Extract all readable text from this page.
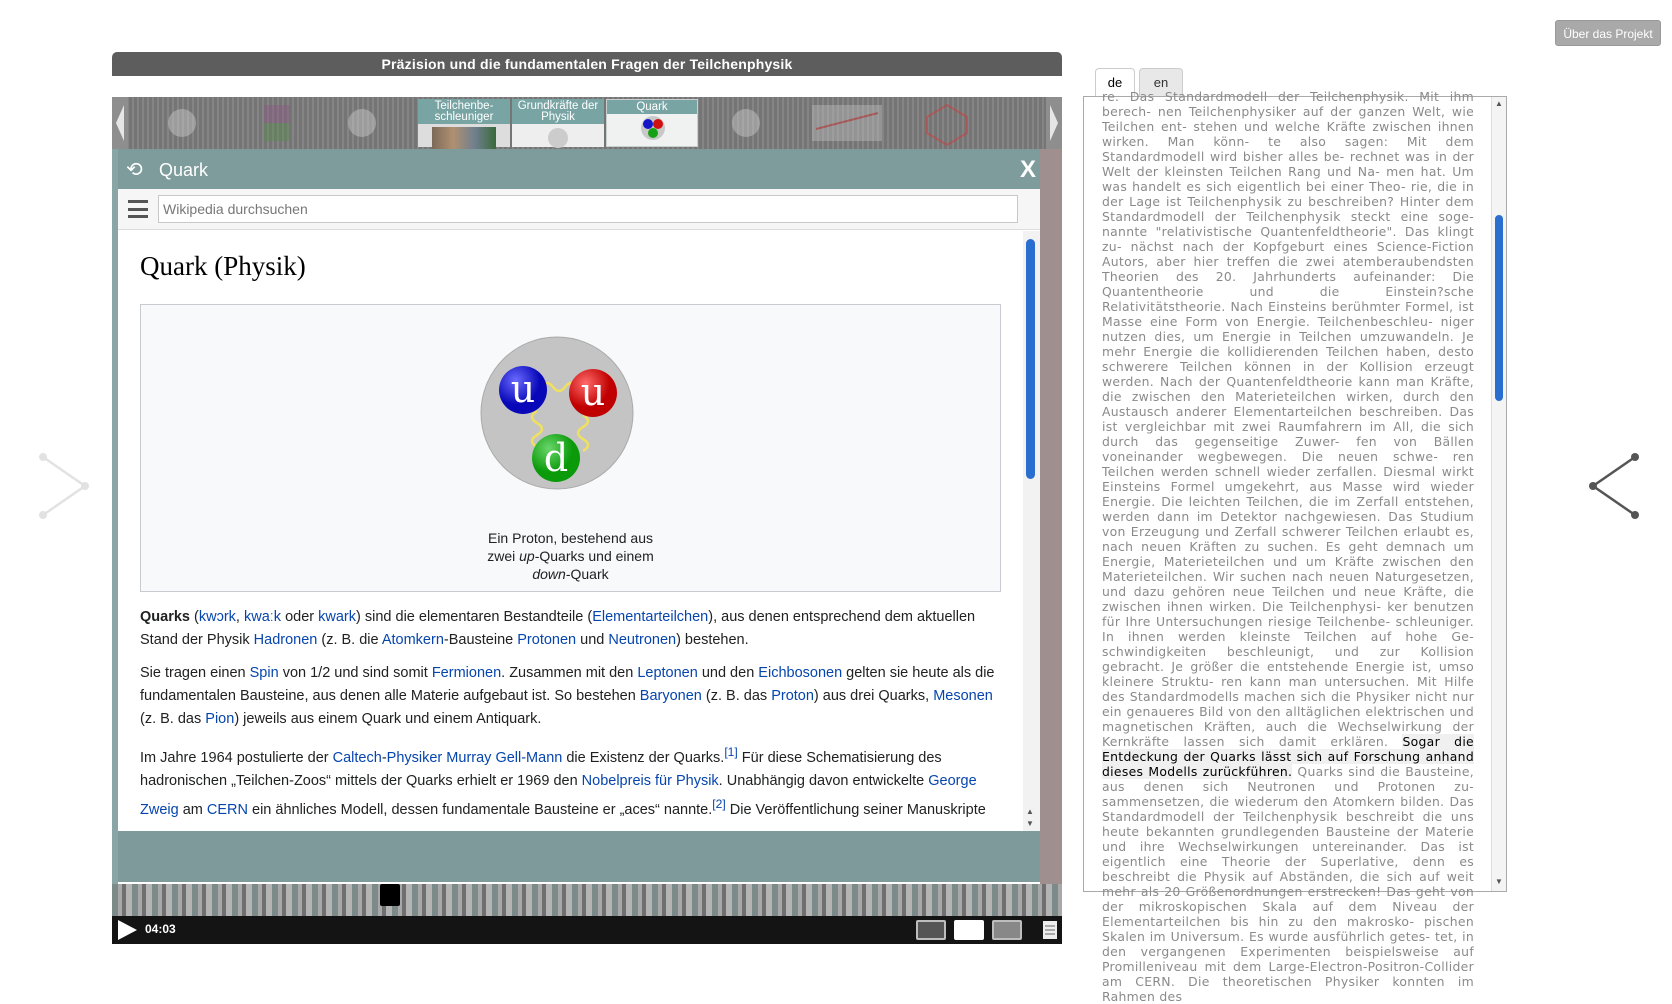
Über das Projekt
Präzision und die fundamentalen Fragen der Teilchenphysik
Teilchenbe-schleuniger
Grundkräfte der Physik
Quark
⟲ Quark	X
Wikipedia durchsuchen
Quark (Physik)
u u
d
Ein Proton, bestehend aus
zwei up-Quarks und einem
down-Quark

Quarks (kwɔrk, kwaːk oder kwark) sind die elementaren Bestandteile (Elementarteilchen), aus denen entsprechend dem aktuellen Stand der Physik Hadronen (z. B. die Atomkern-Bausteine Protonen und Neutronen) bestehen.

Sie tragen einen Spin von 1/2 und sind somit Fermionen. Zusammen mit den Leptonen und den Eichbosonen gelten sie heute als die fundamentalen Bausteine, aus denen alle Materie aufgebaut ist. So bestehen Baryonen (z. B. das Proton) aus drei Quarks, Mesonen (z. B. das Pion) jeweils aus einem Quark und einem Antiquark.

Im Jahre 1964 postulierte der Caltech-Physiker Murray Gell-Mann die Existenz der Quarks.[1] Für diese Schematisierung des hadronischen „Teilchen-Zoos“ mittels der Quarks erhielt er 1969 den Nobelpreis für Physik. Unabhängig davon entwickelte George Zweig am CERN ein ähnliches Modell, dessen fundamentale Bausteine er „aces“ nannte.[2] Die Veröffentlichung seiner Manuskripte	▲
▼
04:03
de	en
re. Das Standardmodell der Teilchenphysik. Mit ihm berech- nen Teilchenphysiker auf der ganzen Welt, wie Teilchen ent- stehen und welche Kräfte zwischen ihnen wirken. Man könn- te also sagen: Mit dem Standardmodell wird bisher alles be- rechnet was in der Welt der kleinsten Teilchen Rang und Na- men hat. Um was handelt es sich eigentlich bei einer Theo- rie, die in der Lage ist Teilchenphysik zu beschreiben? Hinter dem Standardmodell der Teilchenphysik steckt eine soge- nannte "relativistische Quantenfeldtheorie". Das klingt zu- nächst nach der Kopfgeburt eines Science-Fiction Autors, aber hier treffen die zwei atemberaubendsten Theorien des 20. Jahrhunderts aufeinander: Die Quantentheorie und die Einstein?sche Relativitätstheorie. Nach Einsteins berühmter Formel, ist Masse eine Form von Energie. Teilchenbeschleu- niger nutzen dies, um Energie in Teilchen umzuwandeln. Je mehr Energie die kollidierenden Teilchen haben, desto schwerere Teilchen können in der Kollision erzeugt werden. Nach der Quantenfeldtheorie kann man Kräfte, die zwischen den Materieteilchen wirken, durch den Austausch anderer Elementarteilchen beschreiben. Das ist vergleichbar mit zwei Raumfahrern im All, die sich durch das gegenseitige Zuwer- fen von Bällen voneinander wegbewegen. Die neuen schwe- ren Teilchen werden schnell wieder zerfallen. Diesmal wirkt Einsteins Formel umgekehrt, aus Masse wird wieder Energie. Die leichten Teilchen, die im Zerfall entstehen, werden dann im Detektor nachgewiesen. Das Studium von Erzeugung und Zerfall schwerer Teilchen erlaubt es, nach neuen Kräften zu suchen. Es geht demnach um Energie, Materieteilchen und um Kräfte zwischen den Materieteilchen. Wir suchen nach neuen Naturgesetzen, und dazu gehören neue Teilchen und neue Kräfte, die zwischen ihnen wirken. Die Teilchenphysi- ker benutzen für Ihre Untersuchungen riesige Teilchenbe- schleuniger. In ihnen werden kleinste Teilchen auf hohe Ge- schwindigkeiten beschleunigt, und zur Kollision gebracht. Je größer die entstehende Energie ist, umso kleinere Struktu- ren kann man untersuchen. Mit Hilfe des Standardmodells machen sich die Physiker nicht nur ein genaueres Bild von den alltäglichen elektrischen und magnetischen Kräften, auch die Wechselwirkung der Kernkräfte lassen sich damit erklären. Sogar die Entdeckung der Quarks lässt sich auf Forschung anhand dieses Modells zurückführen. Quarks sind die Bausteine, aus denen sich Neutronen und Protonen zu- sammensetzen, die wiederum den Atomkern bilden. Das Standardmodell der Teilchenphysik beschreibt die uns heute bekannten grundlegenden Bausteine der Materie und ihre Wechselwirkungen untereinander. Das ist eigentlich eine Theorie der Superlative, denn es beschreibt die Physik auf Abständen, die sich auf weit mehr als 20 Größenordnungen erstrecken! Das geht von der mikroskopischen Skala auf dem Niveau der Elementarteilchen bis hin zu den makrosko- pischen Skalen im Universum. Es wurde ausführlich getes- tet, in den vergangenen Experimenten beispielsweise auf Promilleniveau mit dem Large-Electron-Positron-Collider am CERN. Die theoretischen Physiker konnten im Rahmen des
▲
▼
